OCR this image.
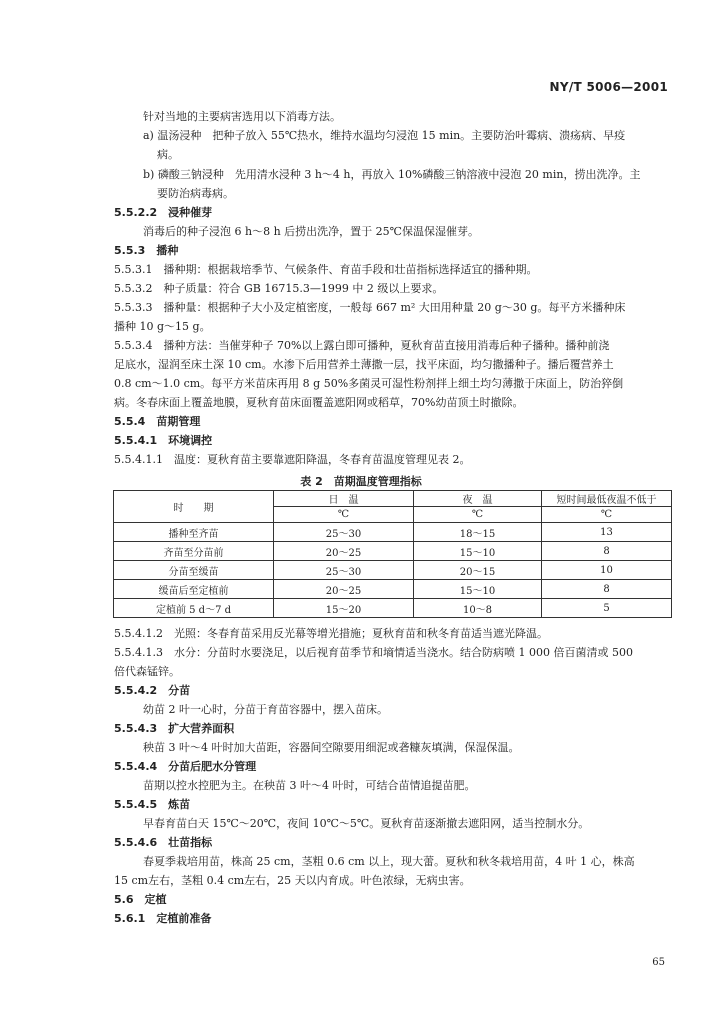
NY/T 5006—2001
针对当地的主要病害选用以下消毒方法。
a) 温汤浸种　把种子放入 55℃热水，维持水温均匀浸泡 15 min。主要防治叶霉病、溃疡病、早疫
病。
b) 磷酸三钠浸种　先用清水浸种 3 h～4 h，再放入 10%磷酸三钠溶液中浸泡 20 min，捞出洗净。主
要防治病毒病。
5.5.2.2　浸种催芽
消毒后的种子浸泡 6 h～8 h 后捞出洗净，置于 25℃保温保湿催芽。
5.5.3　播种
5.5.3.1　播种期：根据栽培季节、气候条件、育苗手段和壮苗指标选择适宜的播种期。
5.5.3.2　种子质量：符合 GB 16715.3—1999 中 2 级以上要求。
5.5.3.3　播种量：根据种子大小及定植密度，一般每 667 m² 大田用种量 20 g～30 g。每平方米播种床
播种 10 g～15 g。
5.5.3.4　播种方法：当催芽种子 70%以上露白即可播种，夏秋育苗直接用消毒后种子播种。播种前浇
足底水，湿润至床土深 10 cm。水渗下后用营养土薄撒一层，找平床面，均匀撒播种子。播后覆营养土
0.8 cm～1.0 cm。每平方米苗床再用 8 g 50%多菌灵可湿性粉剂拌上细土均匀薄撒于床面上，防治猝倒
病。冬春床面上覆盖地膜，夏秋育苗床面覆盖遮阳网或稻草，70%幼苗顶土时撤除。
5.5.4　苗期管理
5.5.4.1　环境调控
5.5.4.1.1　温度：夏秋育苗主要靠遮阳降温，冬春育苗温度管理见表 2。
表 2　苗期温度管理指标
时　　期	日　温	夜　温	短时间最低夜温不低于
	℃	℃	℃
播种至齐苗	25～30	18～15	13
齐苗至分苗前	20～25	15～10	8
分苗至缓苗	25～30	20～15	10
缓苗后至定植前	20～25	15～10	8
定植前 5 d～7 d	15～20	10～8	5
5.5.4.1.2　光照：冬春育苗采用反光幕等增光措施；夏秋育苗和秋冬育苗适当遮光降温。
5.5.4.1.3　水分：分苗时水要浇足，以后视育苗季节和墒情适当浇水。结合防病喷 1 000 倍百菌清或 500
倍代森锰锌。
5.5.4.2　分苗
幼苗 2 叶一心时，分苗于育苗容器中，摆入苗床。
5.5.4.3　扩大营养面积
秧苗 3 叶～4 叶时加大苗距，容器间空隙要用细泥或砻糠灰填满，保湿保温。
5.5.4.4　分苗后肥水分管理
苗期以控水控肥为主。在秧苗 3 叶～4 叶时，可结合苗情追提苗肥。
5.5.4.5　炼苗
早春育苗白天 15℃～20℃，夜间 10℃～5℃。夏秋育苗逐渐撤去遮阳网，适当控制水分。
5.5.4.6　壮苗指标
春夏季栽培用苗，株高 25 cm，茎粗 0.6 cm 以上，现大蕾。夏秋和秋冬栽培用苗，4 叶 1 心，株高
15 cm左右，茎粗 0.4 cm左右，25 天以内育成。叶色浓绿，无病虫害。
5.6　定植
5.6.1　定植前准备
65
